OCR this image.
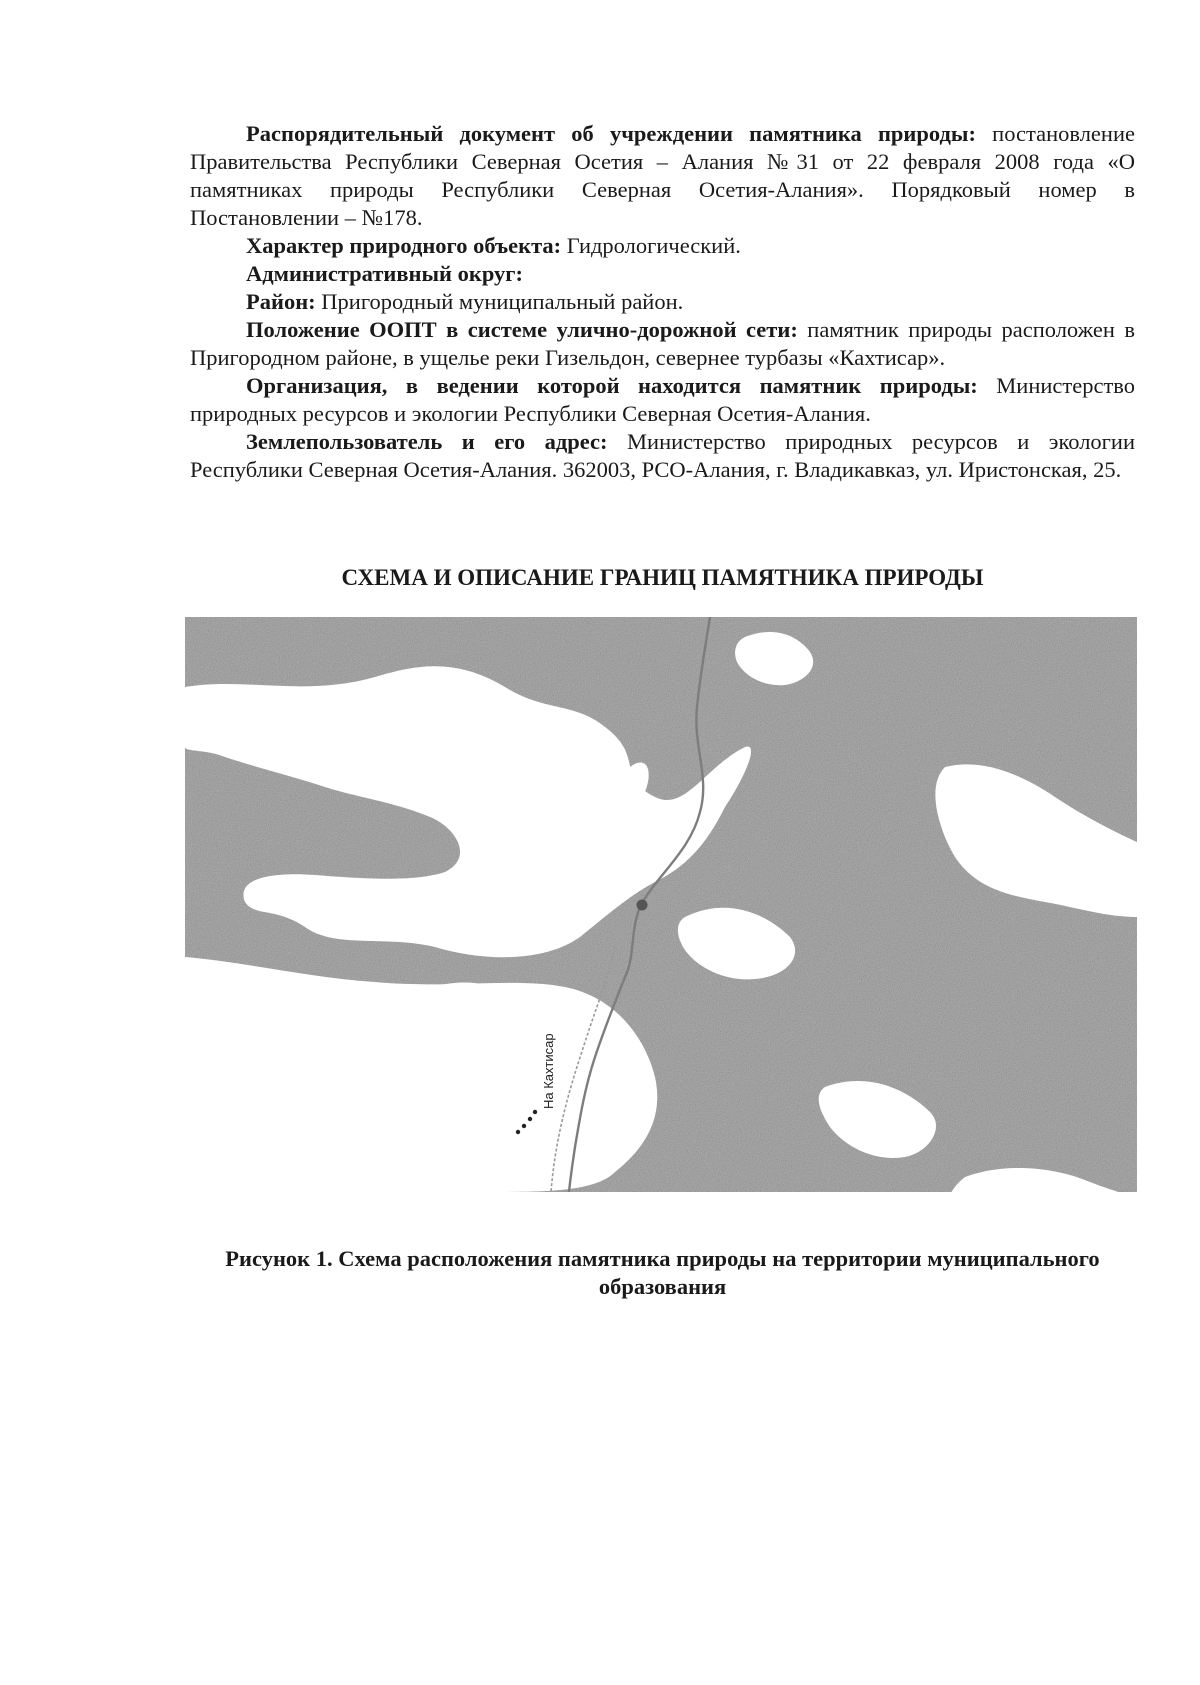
Распорядительный документ об учреждении памятника природы: постановление Правительства Республики Северная Осетия – Алания №31 от 22 февраля 2008 года «О памятниках природы Республики Северная Осетия-Алания». Порядковый номер в Постановлении – №178.

Характер природного объекта: Гидрологический.

Административный округ:

Район: Пригородный муниципальный район.

Положение ООПТ в системе улично-дорожной сети: памятник природы расположен в Пригородном районе, в ущелье реки Гизельдон, севернее турбазы «Кахтисар».

Организация, в ведении которой находится памятник природы: Министерство природных ресурсов и экологии Республики Северная Осетия-Алания.

Землепользователь и его адрес: Министерство природных ресурсов и экологии Республики Северная Осетия-Алания. 362003, РСО-Алания, г. Владикавказ, ул. Иристонская, 25.

СХЕМА И ОПИСАНИЕ ГРАНИЦ ПАМЯТНИКА ПРИРОДЫ
На Кахтисар
Рисунок 1. Схема расположения памятника природы на территории муниципального образования
